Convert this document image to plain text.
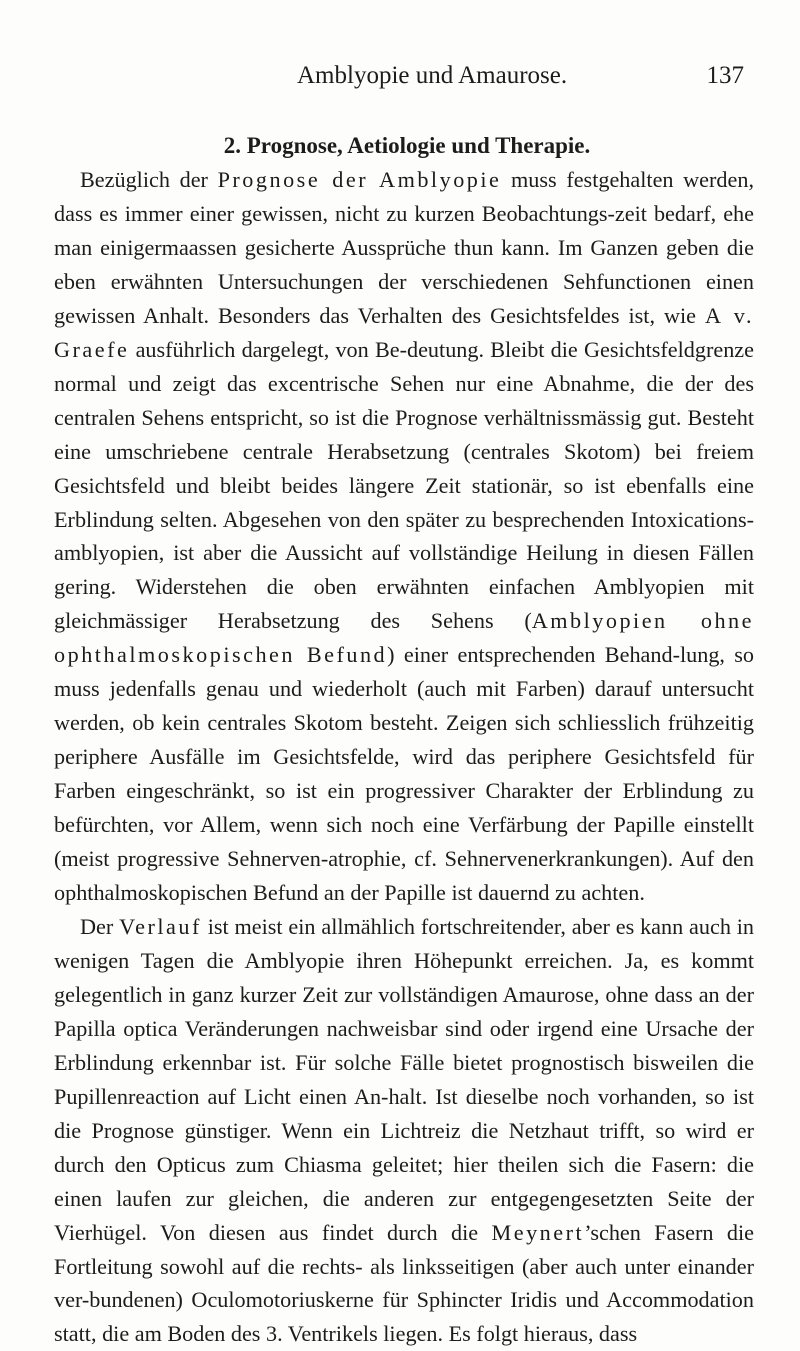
Amblyopie und Amaurose.	137
2. Prognose, Aetiologie und Therapie.

Bezüglich der Prognose der Amblyopie muss festgehalten werden, dass es immer einer gewissen, nicht zu kurzen Beobachtungs-zeit bedarf, ehe man einigermaassen gesicherte Aussprüche thun kann. Im Ganzen geben die eben erwähnten Untersuchungen der verschiedenen Sehfunctionen einen gewissen Anhalt. Besonders das Verhalten des Gesichtsfeldes ist, wie A v. Graefe ausführlich dargelegt, von Be-deutung. Bleibt die Gesichtsfeldgrenze normal und zeigt das excentrische Sehen nur eine Abnahme, die der des centralen Sehens entspricht, so ist die Prognose verhältnissmässig gut. Besteht eine umschriebene centrale Herabsetzung (centrales Skotom) bei freiem Gesichtsfeld und bleibt beides längere Zeit stationär, so ist ebenfalls eine Erblindung selten. Abgesehen von den später zu besprechenden Intoxications-amblyopien, ist aber die Aussicht auf vollständige Heilung in diesen Fällen gering. Widerstehen die oben erwähnten einfachen Amblyopien mit gleichmässiger Herabsetzung des Sehens (Amblyopien ohne ophthalmoskopischen Befund) einer entsprechenden Behand-lung, so muss jedenfalls genau und wiederholt (auch mit Farben) darauf untersucht werden, ob kein centrales Skotom besteht. Zeigen sich schliesslich frühzeitig periphere Ausfälle im Gesichtsfelde, wird das periphere Gesichtsfeld für Farben eingeschränkt, so ist ein progressiver Charakter der Erblindung zu befürchten, vor Allem, wenn sich noch eine Verfärbung der Papille einstellt (meist progressive Sehnerven-atrophie, cf. Sehnervenerkrankungen). Auf den ophthalmoskopischen Befund an der Papille ist dauernd zu achten.

Der Verlauf ist meist ein allmählich fortschreitender, aber es kann auch in wenigen Tagen die Amblyopie ihren Höhepunkt erreichen. Ja, es kommt gelegentlich in ganz kurzer Zeit zur vollständigen Amaurose, ohne dass an der Papilla optica Veränderungen nachweisbar sind oder irgend eine Ursache der Erblindung erkennbar ist. Für solche Fälle bietet prognostisch bisweilen die Pupillenreaction auf Licht einen An-halt. Ist dieselbe noch vorhanden, so ist die Prognose günstiger. Wenn ein Lichtreiz die Netzhaut trifft, so wird er durch den Opticus zum Chiasma geleitet; hier theilen sich die Fasern: die einen laufen zur gleichen, die anderen zur entgegengesetzten Seite der Vierhügel. Von diesen aus findet durch die Meynert’schen Fasern die Fortleitung sowohl auf die rechts- als linksseitigen (aber auch unter einander ver-bundenen) Oculomotoriuskerne für Sphincter Iridis und Accommodation statt, die am Boden des 3. Ventrikels liegen. Es folgt hieraus, dass
